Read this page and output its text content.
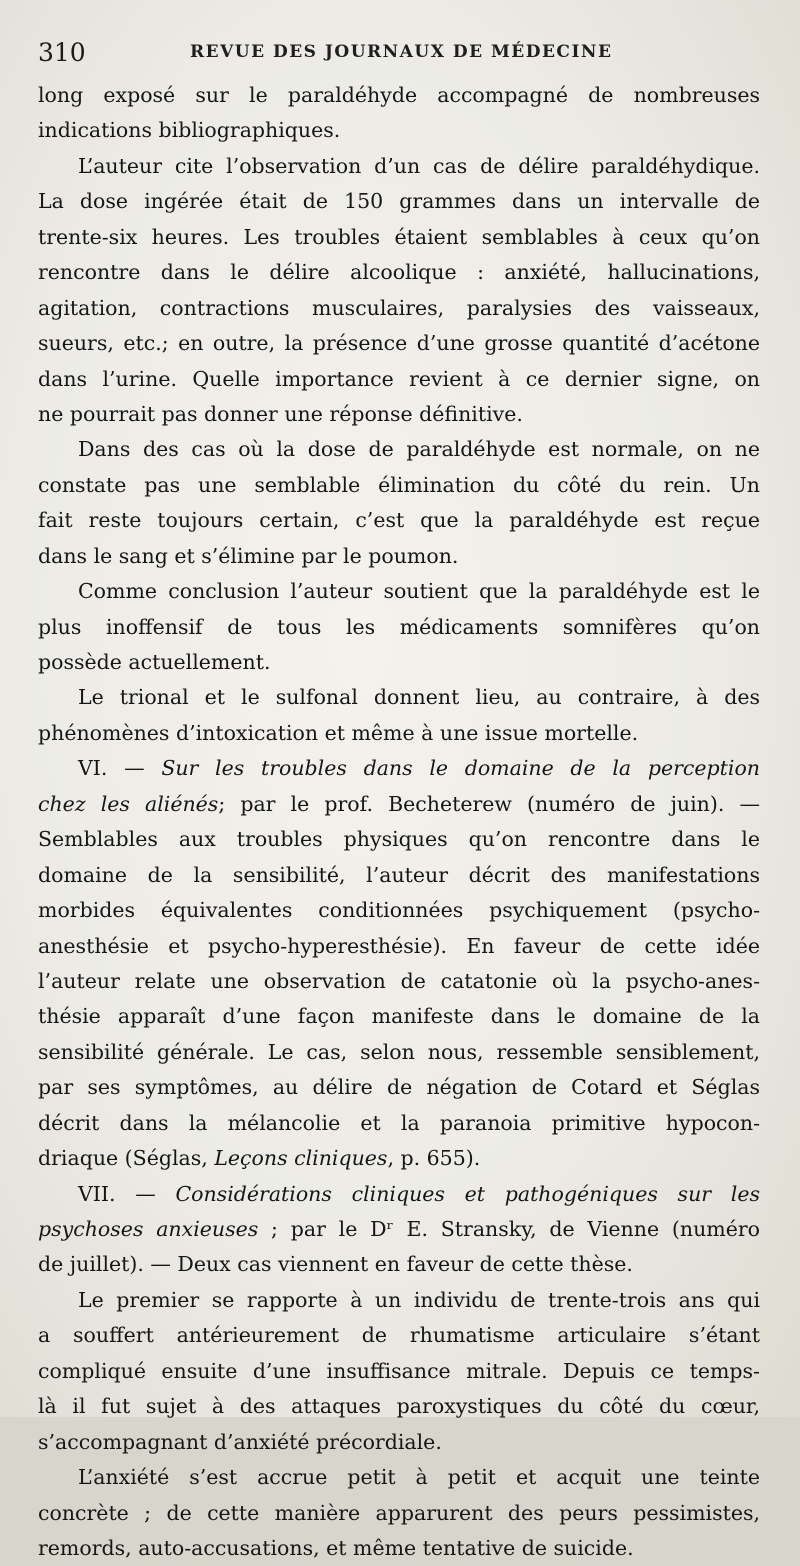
310	REVUE DES JOURNAUX DE MÉDECINE
long exposé sur le paraldéhyde accompagné de nombreuses
indications bibliographiques.
L’auteur cite l’observation d’un cas de délire paraldéhydique.
La dose ingérée était de 150 grammes dans un intervalle de
trente-six heures. Les troubles étaient semblables à ceux qu’on
rencontre dans le délire alcoolique : anxiété, hallucinations,
agitation, contractions musculaires, paralysies des vaisseaux,
sueurs, etc.; en outre, la présence d’une grosse quantité d’acétone
dans l’urine. Quelle importance revient à ce dernier signe, on
ne pourrait pas donner une réponse définitive.
Dans des cas où la dose de paraldéhyde est normale, on ne
constate pas une semblable élimination du côté du rein. Un
fait reste toujours certain, c’est que la paraldéhyde est reçue
dans le sang et s’élimine par le poumon.
Comme conclusion l’auteur soutient que la paraldéhyde est le
plus inoffensif de tous les médicaments somnifères qu’on
possède actuellement.
Le trional et le sulfonal donnent lieu, au contraire, à des
phénomènes d’intoxication et même à une issue mortelle.
VI. — Sur les troubles dans le domaine de la perception
chez les aliénés; par le prof. Becheterew (numéro de juin). —
Semblables aux troubles physiques qu’on rencontre dans le
domaine de la sensibilité, l’auteur décrit des manifestations
morbides équivalentes conditionnées psychiquement (psycho-
anesthésie et psycho-hyperesthésie). En faveur de cette idée
l’auteur relate une observation de catatonie où la psycho-anes-
thésie apparaît d’une façon manifeste dans le domaine de la
sensibilité générale. Le cas, selon nous, ressemble sensiblement,
par ses symptômes, au délire de négation de Cotard et Séglas
décrit dans la mélancolie et la paranoia primitive hypocon-
driaque (Séglas, Leçons cliniques, p. 655).
VII. — Considérations cliniques et pathogéniques sur les
psychoses anxieuses ; par le Dʳ E. Stransky, de Vienne (numéro
de juillet). — Deux cas viennent en faveur de cette thèse.
Le premier se rapporte à un individu de trente-trois ans qui
a souffert antérieurement de rhumatisme articulaire s’étant
compliqué ensuite d’une insuffisance mitrale. Depuis ce temps-
là il fut sujet à des attaques paroxystiques du côté du cœur,
s’accompagnant d’anxiété précordiale.
L’anxiété s’est accrue petit à petit et acquit une teinte
concrète ; de cette manière apparurent des peurs pessimistes,
remords, auto-accusations, et même tentative de suicide.
